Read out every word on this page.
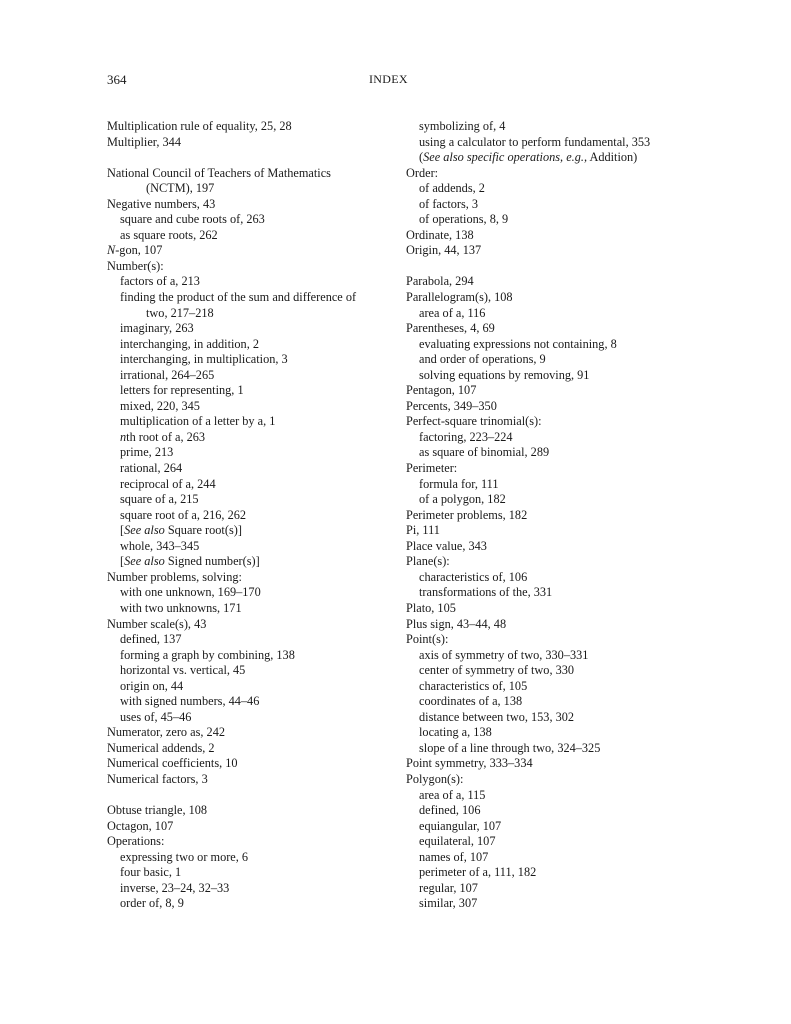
364	INDEX
Multiplication rule of equality, 25, 28
Multiplier, 344
National Council of Teachers of Mathematics
(NCTM), 197
Negative numbers, 43
square and cube roots of, 263
as square roots, 262
N-gon, 107
Number(s):
factors of a, 213
finding the product of the sum and difference of
two, 217–218
imaginary, 263
interchanging, in addition, 2
interchanging, in multiplication, 3
irrational, 264–265
letters for representing, 1
mixed, 220, 345
multiplication of a letter by a, 1
nth root of a, 263
prime, 213
rational, 264
reciprocal of a, 244
square of a, 215
square root of a, 216, 262
[See also Square root(s)]
whole, 343–345
[See also Signed number(s)]
Number problems, solving:
with one unknown, 169–170
with two unknowns, 171
Number scale(s), 43
defined, 137
forming a graph by combining, 138
horizontal vs. vertical, 45
origin on, 44
with signed numbers, 44–46
uses of, 45–46
Numerator, zero as, 242
Numerical addends, 2
Numerical coefficients, 10
Numerical factors, 3
Obtuse triangle, 108
Octagon, 107
Operations:
expressing two or more, 6
four basic, 1
inverse, 23–24, 32–33
order of, 8, 9
symbolizing of, 4
using a calculator to perform fundamental, 353
(See also specific operations, e.g., Addition)
Order:
of addends, 2
of factors, 3
of operations, 8, 9
Ordinate, 138
Origin, 44, 137
Parabola, 294
Parallelogram(s), 108
area of a, 116
Parentheses, 4, 69
evaluating expressions not containing, 8
and order of operations, 9
solving equations by removing, 91
Pentagon, 107
Percents, 349–350
Perfect-square trinomial(s):
factoring, 223–224
as square of binomial, 289
Perimeter:
formula for, 111
of a polygon, 182
Perimeter problems, 182
Pi, 111
Place value, 343
Plane(s):
characteristics of, 106
transformations of the, 331
Plato, 105
Plus sign, 43–44, 48
Point(s):
axis of symmetry of two, 330–331
center of symmetry of two, 330
characteristics of, 105
coordinates of a, 138
distance between two, 153, 302
locating a, 138
slope of a line through two, 324–325
Point symmetry, 333–334
Polygon(s):
area of a, 115
defined, 106
equiangular, 107
equilateral, 107
names of, 107
perimeter of a, 111, 182
regular, 107
similar, 307
